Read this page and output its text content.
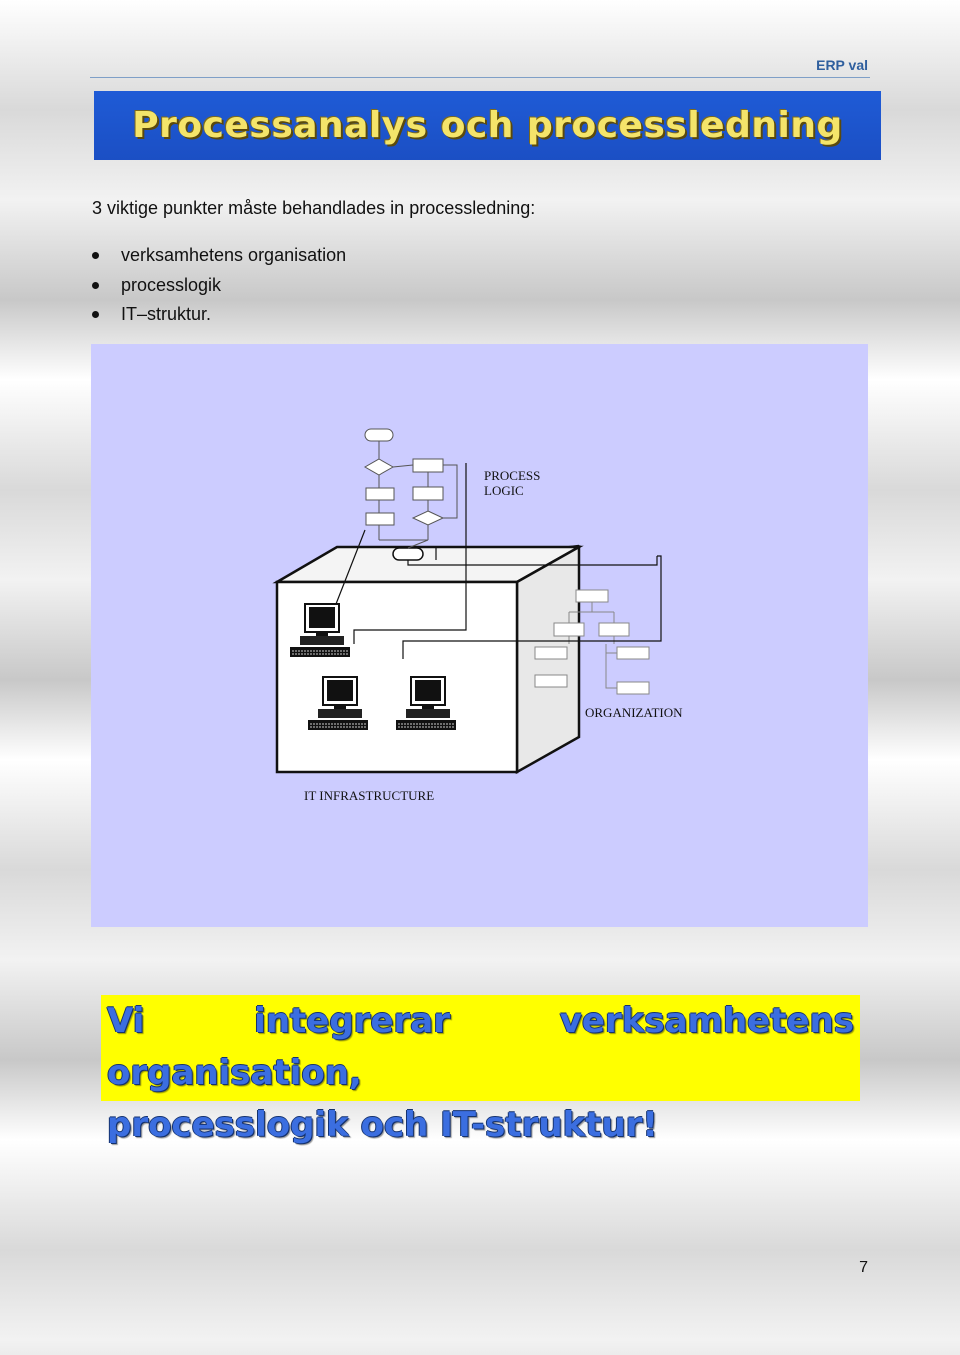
ERP val
Processanalys och processledning
3 viktige punkter måste behandlades in processledning:
verksamhetens organisation
processlogik
IT–struktur.
PROCESS
LOGIC
ORGANIZATION
IT INFRASTRUCTURE

Vi integrerar verksamhetens organisation,

processlogik och IT-struktur!

7
